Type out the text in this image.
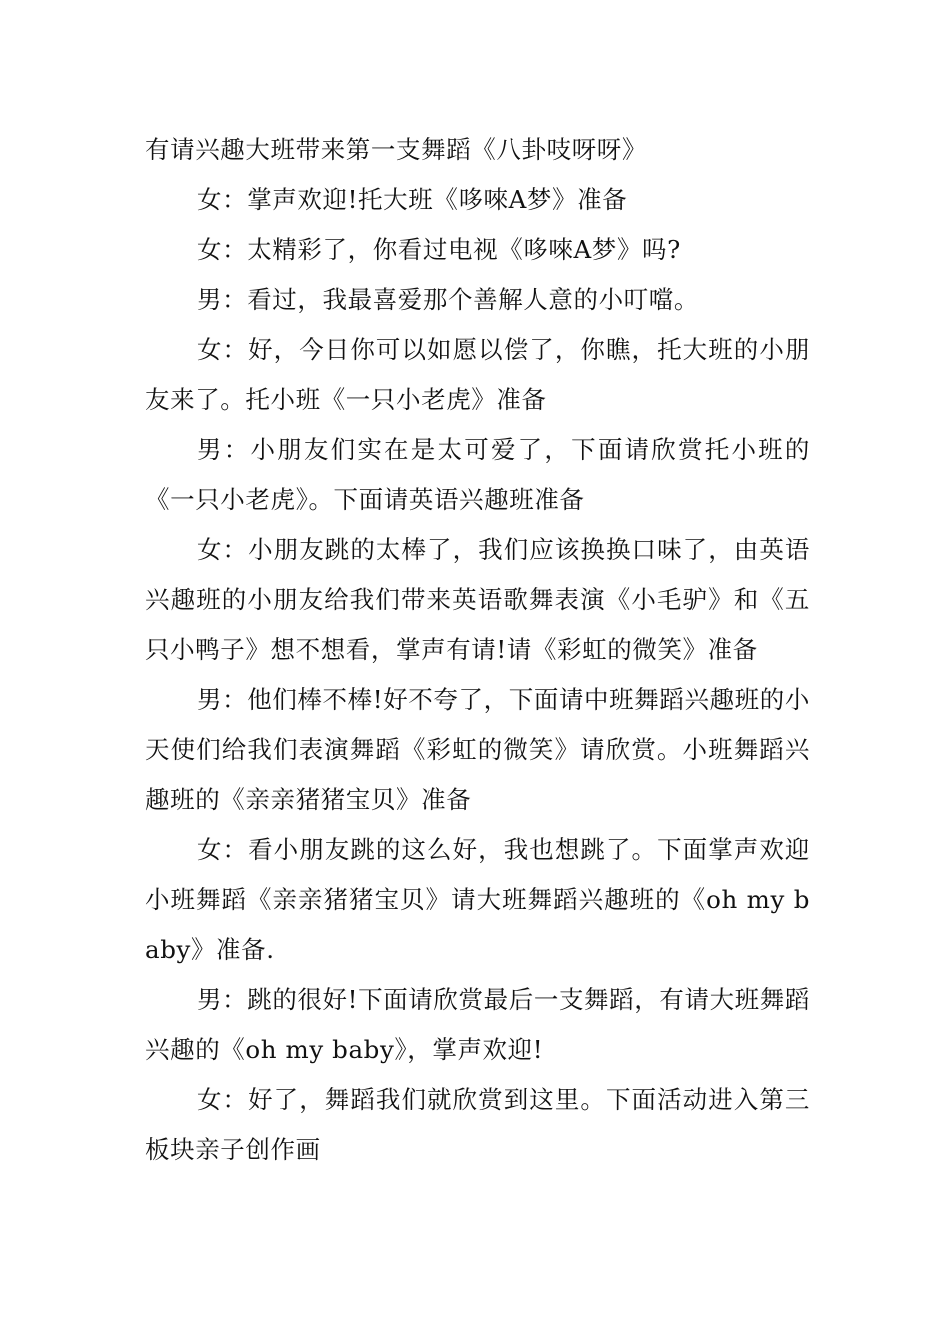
有请兴趣大班带来第一支舞蹈《八卦吱呀呀》

女：掌声欢迎!托大班《哆唻A梦》准备

女：太精彩了，你看过电视《哆唻A梦》吗?

男：看过，我最喜爱那个善解人意的小叮噹。

女：好，今日你可以如愿以偿了，你瞧，托大班的小朋友来了。托小班《一只小老虎》准备

男：小朋友们实在是太可爱了，下面请欣赏托小班的《一只小老虎》。下面请英语兴趣班准备

女：小朋友跳的太棒了，我们应该换换口味了，由英语兴趣班的小朋友给我们带来英语歌舞表演《小毛驴》和《五只小鸭子》想不想看，掌声有请!请《彩虹的微笑》准备

男：他们棒不棒!好不夸了，下面请中班舞蹈兴趣班的小天使们给我们表演舞蹈《彩虹的微笑》请欣赏。小班舞蹈兴趣班的《亲亲猪猪宝贝》准备

女：看小朋友跳的这么好，我也想跳了。下面掌声欢迎小班舞蹈《亲亲猪猪宝贝》请大班舞蹈兴趣班的《oh my baby》准备.

男：跳的很好!下面请欣赏最后一支舞蹈，有请大班舞蹈兴趣的《oh my baby》，掌声欢迎!

女：好了，舞蹈我们就欣赏到这里。下面活动进入第三板块亲子创作画
